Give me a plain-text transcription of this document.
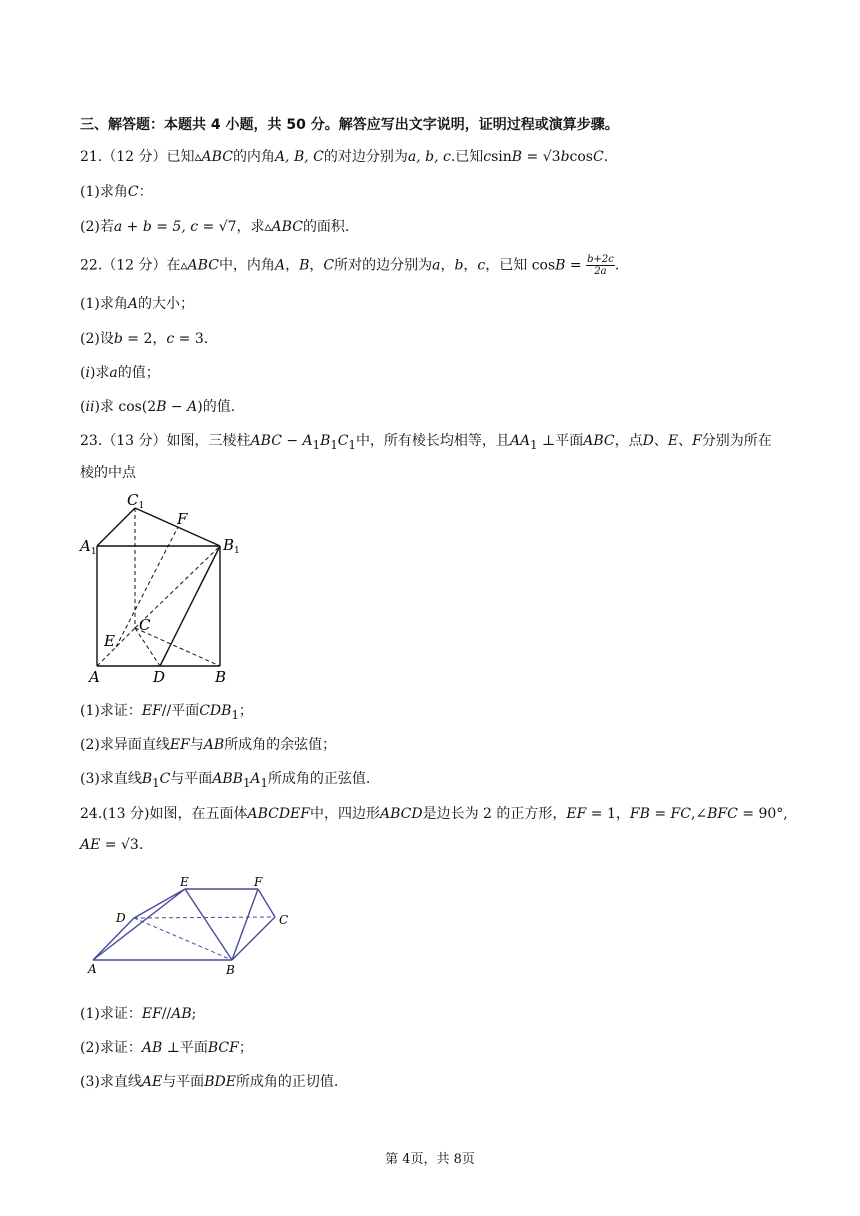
三、解答题：本题共 4 小题，共 50 分。解答应写出文字说明，证明过程或演算步骤。
21.（12 分）已知▵ABC的内角A, B, C的对边分别为a, b, c.已知csinB = √3bcosC.
(1)求角C：
(2)若a + b = 5, c = √7，求▵ABC的面积.
22.（12 分）在▵ABC中，内角A，B，C所对的边分别为a，b，c，已知 $\cos B = \frac{b+2c}{2a}$ .
(1)求角A的大小；
(2)设b = 2，c = 3.
(i)求a的值；
(ii)求 cos(2B − A)的值.
23.（13 分）如图，三棱柱ABC − $A_1B_1C_1$中，所有棱长均相等，且$AA_1$ ⊥平面ABC，点D、E、F分别为所在
棱的中点
$C_1$
F
$A_1$	$B_1$
C
E
A	D	B
(1)求证：EF//平面$CDB_1$；
(2)求异面直线EF与AB所成角的余弦值；
(3)求直线$B_1C$与平面$ABB_1A_1$所成角的正弦值.
24.(13 分)如图，在五面体ABCDEF中，四边形ABCD是边长为 2 的正方形，EF = 1，FB = FC,∠BFC = 90°,
AE = √3.
E	F
D	C
A	B
(1)求证：EF//AB;
(2)求证：AB ⊥平面BCF；
(3)求直线AE与平面BDE所成角的正切值.
第 4页，共 8页
